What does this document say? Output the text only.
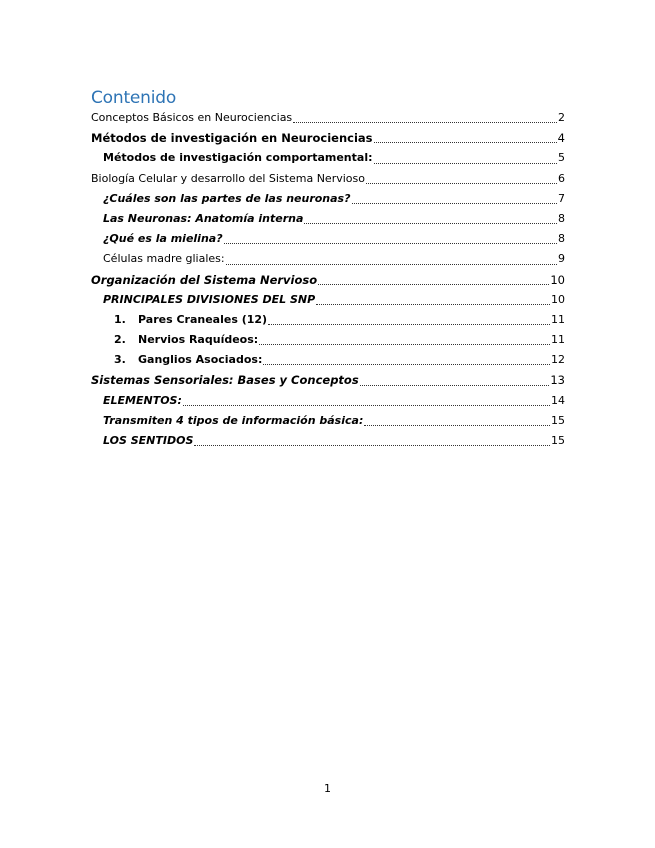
Contenido
Conceptos Básicos en Neurociencias	2
Métodos de investigación en Neurociencias	4
Métodos de investigación comportamental:	5
Biología Celular y desarrollo del Sistema Nervioso	6
¿Cuáles son las partes de las neuronas?	7
Las Neuronas: Anatomía interna	8
¿Qué es la mielina?	8
Células madre gliales:	9
Organización del Sistema Nervioso	10
PRINCIPALES DIVISIONES DEL SNP	10
1.	Pares Craneales (12)	11
2.	Nervios Raquídeos:	11
3.	Ganglios Asociados:	12
Sistemas Sensoriales: Bases y Conceptos	13
ELEMENTOS:	14
Transmiten 4 tipos de información básica:	15
LOS SENTIDOS	15
1
